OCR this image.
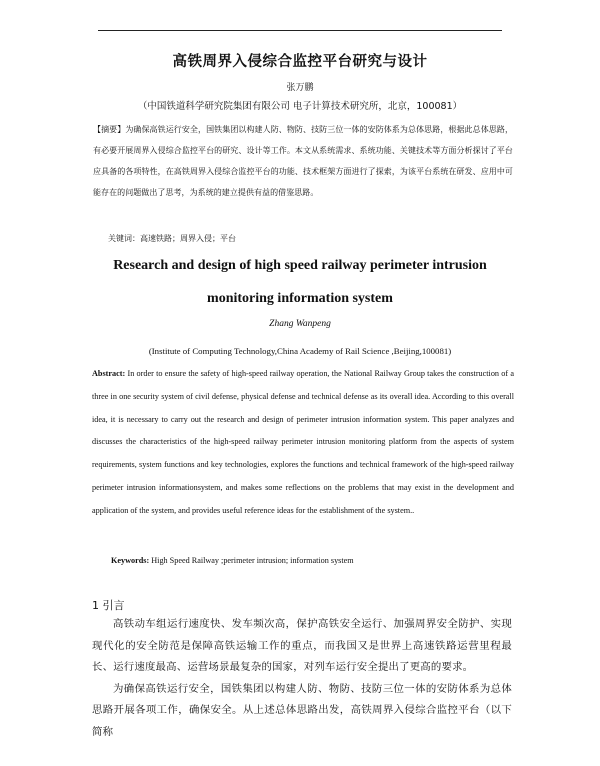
高铁周界入侵综合监控平台研究与设计
张万鹏
（中国铁道科学研究院集团有限公司 电子计算技术研究所，北京，100081）
【摘要】为确保高铁运行安全，国铁集团以构建人防、物防、技防三位一体的安防体系为总体思路，根据此总体思路，有必要开展周界入侵综合监控平台的研究、设计等工作。本文从系统需求、系统功能、关键技术等方面分析探讨了平台应具备的各项特性，在高铁周界入侵综合监控平台的功能、技术框架方面进行了探索，为该平台系统在研发、应用中可能存在的问题做出了思考，为系统的建立提供有益的借鉴思路。
关键词：高速铁路；周界入侵；平台
Research and design of high speed railway perimeter intrusion
monitoring information system
Zhang Wanpeng
(Institute of Computing Technology,China Academy of Rail Science ,Beijing,100081)
Abstract: In order to ensure the safety of high-speed railway operation, the National Railway Group takes the construction of a three in one security system of civil defense, physical defense and technical defense as its overall idea. According to this overall idea, it is necessary to carry out the research and design of perimeter intrusion information system. This paper analyzes and discusses the characteristics of the high-speed railway perimeter intrusion monitoring platform from the aspects of system requirements, system functions and key technologies, explores the functions and technical framework of the high-speed railway perimeter intrusion informationsystem, and makes some reflections on the problems that may exist in the development and application of the system, and provides useful reference ideas for the establishment of the system..
Keywords: High Speed Railway ;perimeter intrusion; information system
1 引言

高铁动车组运行速度快、发车频次高，保护高铁安全运行、加强周界安全防护、实现现代化的安全防范是保障高铁运输工作的重点，而我国又是世界上高速铁路运营里程最长、运行速度最高、运营场景最复杂的国家，对列车运行安全提出了更高的要求。

为确保高铁运行安全，国铁集团以构建人防、物防、技防三位一体的安防体系为总体思路开展各项工作，确保安全。从上述总体思路出发，高铁周界入侵综合监控平台（以下简称
